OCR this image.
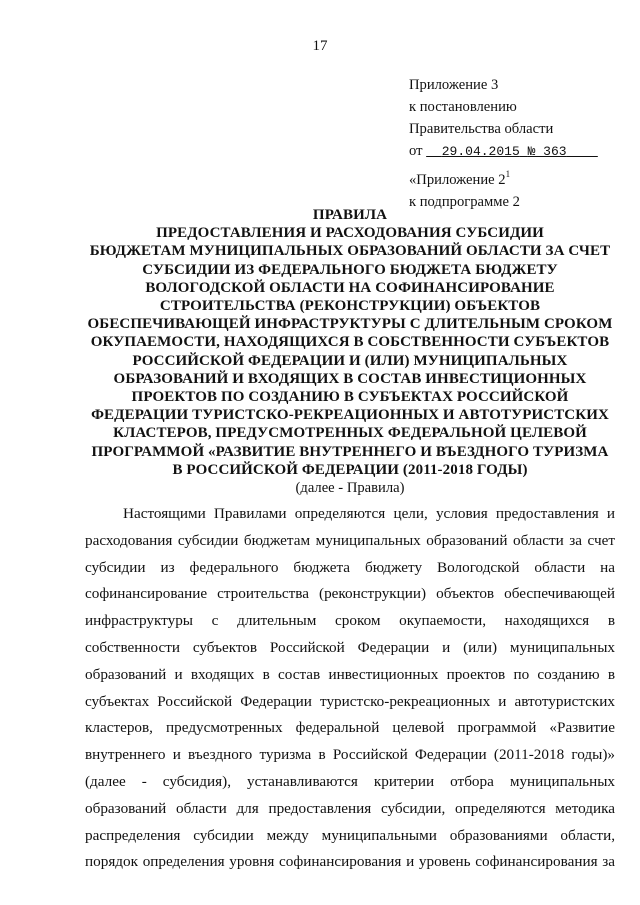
17
Приложение 3
к постановлению
Правительства области
от 29.04.2015 № 363
«Приложение $2^1$
к подпрограмме 2
ПРАВИЛА
ПРЕДОСТАВЛЕНИЯ И РАСХОДОВАНИЯ СУБСИДИИ
БЮДЖЕТАМ МУНИЦИПАЛЬНЫХ ОБРАЗОВАНИЙ ОБЛАСТИ ЗА СЧЕТ
СУБСИДИИ ИЗ ФЕДЕРАЛЬНОГО БЮДЖЕТА БЮДЖЕТУ
ВОЛОГОДСКОЙ ОБЛАСТИ НА СОФИНАНСИРОВАНИЕ
СТРОИТЕЛЬСТВА (РЕКОНСТРУКЦИИ) ОБЪЕКТОВ
ОБЕСПЕЧИВАЮЩЕЙ ИНФРАСТРУКТУРЫ С ДЛИТЕЛЬНЫМ СРОКОМ
ОКУПАЕМОСТИ, НАХОДЯЩИХСЯ В СОБСТВЕННОСТИ СУБЪЕКТОВ
РОССИЙСКОЙ ФЕДЕРАЦИИ И (ИЛИ) МУНИЦИПАЛЬНЫХ
ОБРАЗОВАНИЙ И ВХОДЯЩИХ В СОСТАВ ИНВЕСТИЦИОННЫХ
ПРОЕКТОВ ПО СОЗДАНИЮ В СУБЪЕКТАХ РОССИЙСКОЙ
ФЕДЕРАЦИИ ТУРИСТСКО-РЕКРЕАЦИОННЫХ И АВТОТУРИСТСКИХ
КЛАСТЕРОВ, ПРЕДУСМОТРЕННЫХ ФЕДЕРАЛЬНОЙ ЦЕЛЕВОЙ
ПРОГРАММОЙ «РАЗВИТИЕ ВНУТРЕННЕГО И ВЪЕЗДНОГО ТУРИЗМА
В РОССИЙСКОЙ ФЕДЕРАЦИИ (2011-2018 ГОДЫ)
(далее - Правила)
Настоящими Правилами определяются цели, условия предоставления и
расходования субсидии бюджетам муниципальных образований области за счет
субсидии из федерального бюджета бюджету Вологодской области на
софинансирование строительства (реконструкции) объектов обеспечивающей
инфраструктуры с длительным сроком окупаемости, находящихся в
собственности субъектов Российской Федерации и (или) муниципальных
образований и входящих в состав инвестиционных проектов по созданию в
субъектах Российской Федерации туристско-рекреационных и автотуристских
кластеров, предусмотренных федеральной целевой программой «Развитие
внутреннего и въездного туризма в Российской Федерации (2011-2018 годы)»
(далее - субсидия), устанавливаются критерии отбора муниципальных
образований области для предоставления субсидии, определяются методика
распределения субсидии между муниципальными образованиями области,
порядок определения уровня софинансирования и уровень софинансирования за
